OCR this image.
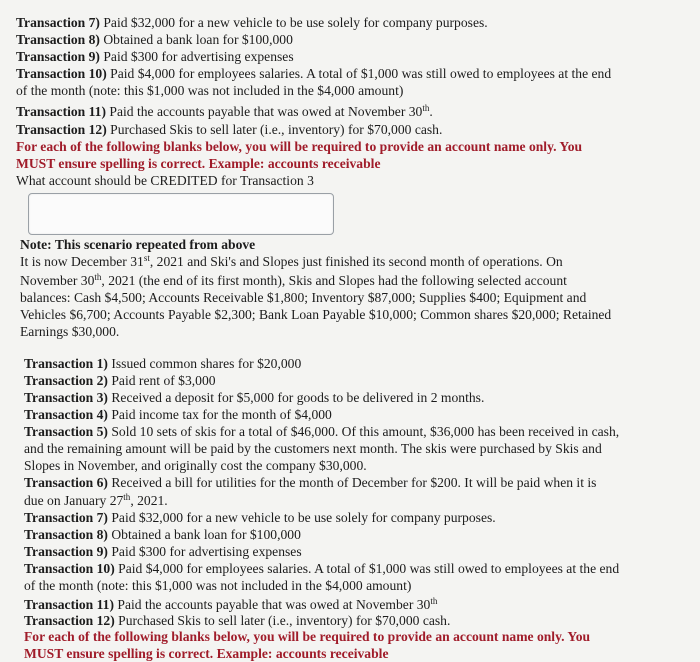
Transaction 7) Paid $32,000 for a new vehicle to be use solely for company purposes.
Transaction 8) Obtained a bank loan for $100,000
Transaction 9) Paid $300 for advertising expenses
Transaction 10) Paid $4,000 for employees salaries. A total of $1,000 was still owed to employees at the end
of the month (note: this $1,000 was not included in the $4,000 amount)
Transaction 11) Paid the accounts payable that was owed at November 30th.
Transaction 12) Purchased Skis to sell later (i.e., inventory) for $70,000 cash.
For each of the following blanks below, you will be required to provide an account name only. You
MUST ensure spelling is correct. Example: accounts receivable
What account should be CREDITED for Transaction 3
Note: This scenario repeated from above
It is now December 31st, 2021 and Ski's and Slopes just finished its second month of operations. On
November 30th, 2021 (the end of its first month), Skis and Slopes had the following selected account
balances: Cash $4,500; Accounts Receivable $1,800; Inventory $87,000; Supplies $400; Equipment and
Vehicles $6,700; Accounts Payable $2,300; Bank Loan Payable $10,000; Common shares $20,000; Retained
Earnings $30,000.
Transaction 1) Issued common shares for $20,000
Transaction 2) Paid rent of $3,000
Transaction 3) Received a deposit for $5,000 for goods to be delivered in 2 months.
Transaction 4) Paid income tax for the month of $4,000
Transaction 5) Sold 10 sets of skis for a total of $46,000. Of this amount, $36,000 has been received in cash,
and the remaining amount will be paid by the customers next month. The skis were purchased by Skis and
Slopes in November, and originally cost the company $30,000.
Transaction 6) Received a bill for utilities for the month of December for $200. It will be paid when it is
due on January 27th, 2021.
Transaction 7) Paid $32,000 for a new vehicle to be use solely for company purposes.
Transaction 8) Obtained a bank loan for $100,000
Transaction 9) Paid $300 for advertising expenses
Transaction 10) Paid $4,000 for employees salaries. A total of $1,000 was still owed to employees at the end
of the month (note: this $1,000 was not included in the $4,000 amount)
Transaction 11) Paid the accounts payable that was owed at November 30th
Transaction 12) Purchased Skis to sell later (i.e., inventory) for $70,000 cash.
For each of the following blanks below, you will be required to provide an account name only. You
MUST ensure spelling is correct. Example: accounts receivable
